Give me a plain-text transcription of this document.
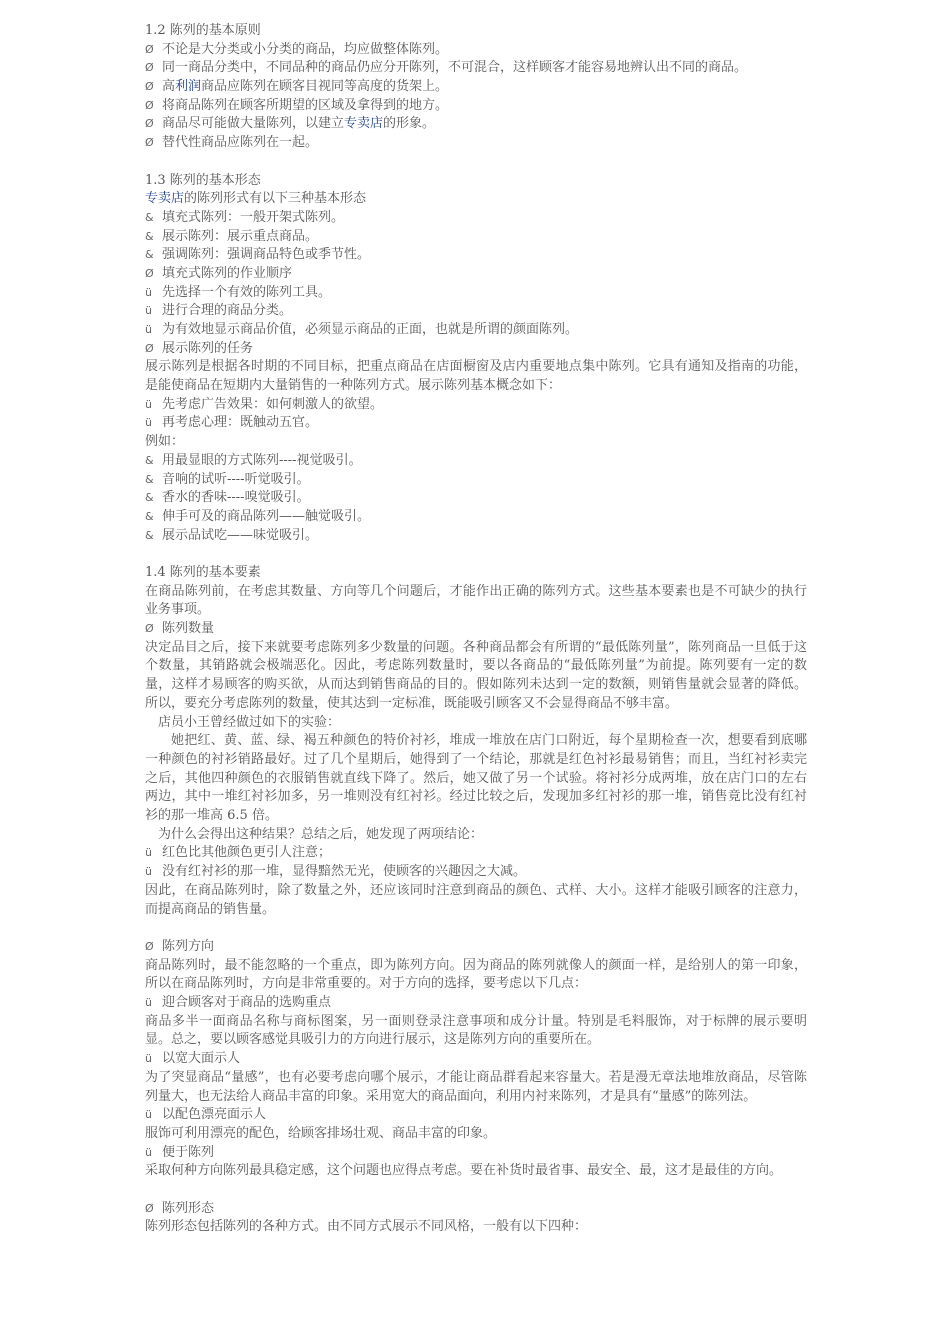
1.2 陈列的基本原则
Ø 不论是大分类或小分类的商品，均应做整体陈列。
Ø 同一商品分类中，不同品种的商品仍应分开陈列，不可混合，这样顾客才能容易地辨认出不同的商品。
Ø 高利润商品应陈列在顾客目视同等高度的货架上。
Ø 将商品陈列在顾客所期望的区域及拿得到的地方。
Ø 商品尽可能做大量陈列，以建立专卖店的形象。
Ø 替代性商品应陈列在一起。
1.3 陈列的基本形态
专卖店的陈列形式有以下三种基本形态
& 填充式陈列：一般开架式陈列。
& 展示陈列：展示重点商品。
& 强调陈列：强调商品特色或季节性。
Ø 填充式陈列的作业顺序
ü 先选择一个有效的陈列工具。
ü 进行合理的商品分类。
ü 为有效地显示商品价值，必须显示商品的正面，也就是所谓的颜面陈列。
Ø 展示陈列的任务
展示陈列是根据各时期的不同目标，把重点商品在店面橱窗及店内重要地点集中陈列。它具有通知及指南的功能，是能使商品在短期内大量销售的一种陈列方式。展示陈列基本概念如下：
ü 先考虑广告效果：如何刺激人的欲望。
ü 再考虑心理：既触动五官。
例如：
& 用最显眼的方式陈列----视觉吸引。
& 音响的试听----听觉吸引。
& 香水的香味----嗅觉吸引。
& 伸手可及的商品陈列——触觉吸引。
& 展示品试吃——味觉吸引。
1.4 陈列的基本要素
在商品陈列前，在考虑其数量、方向等几个问题后，才能作出正确的陈列方式。这些基本要素也是不可缺少的执行业务事项。
Ø 陈列数量
决定品目之后，接下来就要考虑陈列多少数量的问题。各种商品都会有所谓的“最低陈列量”，陈列商品一旦低于这个数量，其销路就会极端恶化。因此，考虑陈列数量时，要以各商品的“最低陈列量”为前提。陈列要有一定的数量，这样才易顾客的购买欲，从而达到销售商品的目的。假如陈列未达到一定的数额，则销售量就会显著的降低。所以，要充分考虑陈列的数量，使其达到一定标准，既能吸引顾客又不会显得商品不够丰富。
店员小王曾经做过如下的实验：
她把红、黄、蓝、绿、褐五种颜色的特价衬衫，堆成一堆放在店门口附近，每个星期检查一次，想要看到底哪一种颜色的衬衫销路最好。过了几个星期后，她得到了一个结论，那就是红色衬衫最易销售；而且，当红衬衫卖完之后，其他四种颜色的衣服销售就直线下降了。然后，她又做了另一个试验。将衬衫分成两堆，放在店门口的左右两边，其中一堆红衬衫加多，另一堆则没有红衬衫。经过比较之后，发现加多红衬衫的那一堆，销售竟比没有红衬衫的那一堆高 6.5 倍。
为什么会得出这种结果？总结之后，她发现了两项结论：
ü 红色比其他颜色更引人注意；
ü 没有红衬衫的那一堆，显得黯然无光，使顾客的兴趣因之大减。
因此，在商品陈列时，除了数量之外，还应该同时注意到商品的颜色、式样、大小。这样才能吸引顾客的注意力，而提高商品的销售量。
Ø 陈列方向
商品陈列时，最不能忽略的一个重点，即为陈列方向。因为商品的陈列就像人的颜面一样，是给别人的第一印象，所以在商品陈列时，方向是非常重要的。对于方向的选择，要考虑以下几点：
ü 迎合顾客对于商品的选购重点
商品多半一面商品名称与商标图案，另一面则登录注意事项和成分计量。特别是毛料服饰，对于标牌的展示要明显。总之，要以顾客感觉具吸引力的方向进行展示，这是陈列方向的重要所在。
ü 以宽大面示人
为了突显商品“量感”，也有必要考虑向哪个展示，才能让商品群看起来容量大。若是漫无章法地堆放商品，尽管陈列量大，也无法给人商品丰富的印象。采用宽大的商品面向，利用内衬来陈列，才是具有“量感”的陈列法。
ü 以配色漂亮面示人
服饰可利用漂亮的配色，给顾客排场壮观、商品丰富的印象。
ü 便于陈列
采取何种方向陈列最具稳定感，这个问题也应得点考虑。要在补货时最省事、最安全、最，这才是最佳的方向。
Ø 陈列形态
陈列形态包括陈列的各种方式。由不同方式展示不同风格，一般有以下四种：
